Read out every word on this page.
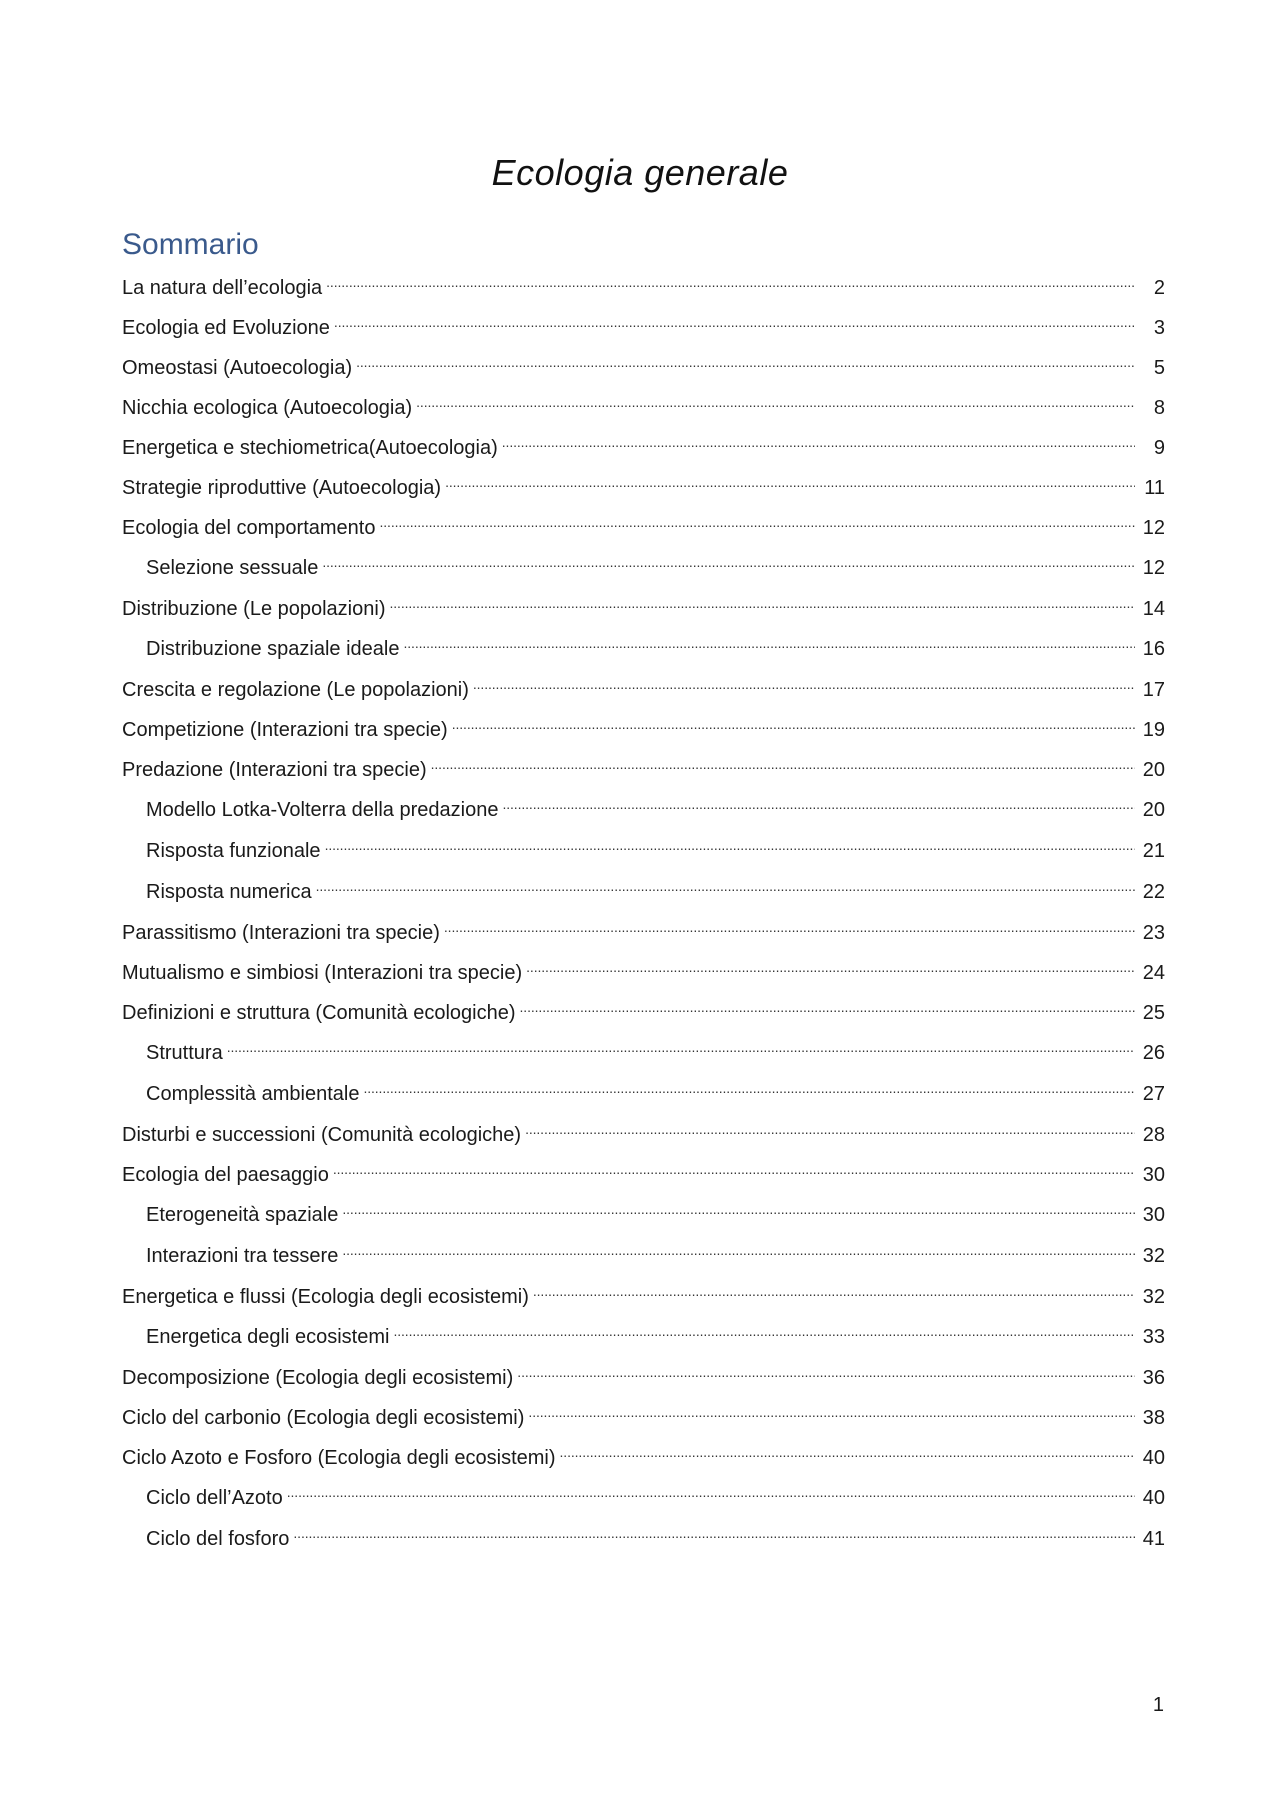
Ecologia generale
Sommario
La natura dell’ecologia . . .	2
Ecologia ed Evoluzione . . .	3
Omeostasi (Autoecologia) . . .	5
Nicchia ecologica (Autoecologia) . . .	8
Energetica e stechiometrica(Autoecologia) . . .	9
Strategie riproduttive (Autoecologia) . . .	11
Ecologia del comportamento . . .	12
Selezione sessuale . . .	12
Distribuzione (Le popolazioni) . . .	14
Distribuzione spaziale ideale . . .	16
Crescita e regolazione (Le popolazioni) . . .	17
Competizione (Interazioni tra specie) . . .	19
Predazione (Interazioni tra specie) . . .	20
Modello Lotka-Volterra della predazione . . .	20
Risposta funzionale . . .	21
Risposta numerica . . .	22
Parassitismo (Interazioni tra specie) . . .	23
Mutualismo e simbiosi (Interazioni tra specie) . . .	24
Definizioni e struttura (Comunità ecologiche) . . .	25
Struttura . . .	26
Complessità ambientale . . .	27
Disturbi e successioni (Comunità ecologiche) . . .	28
Ecologia del paesaggio . . .	30
Eterogeneità spaziale . . .	30
Interazioni tra tessere . . .	32
Energetica e flussi (Ecologia degli ecosistemi) . . .	32
Energetica degli ecosistemi . . .	33
Decomposizione (Ecologia degli ecosistemi) . . .	36
Ciclo del carbonio (Ecologia degli ecosistemi) . . .	38
Ciclo Azoto e Fosforo (Ecologia degli ecosistemi) . . .	40
Ciclo dell’Azoto . . .	40
Ciclo del fosforo . . .	41

1
